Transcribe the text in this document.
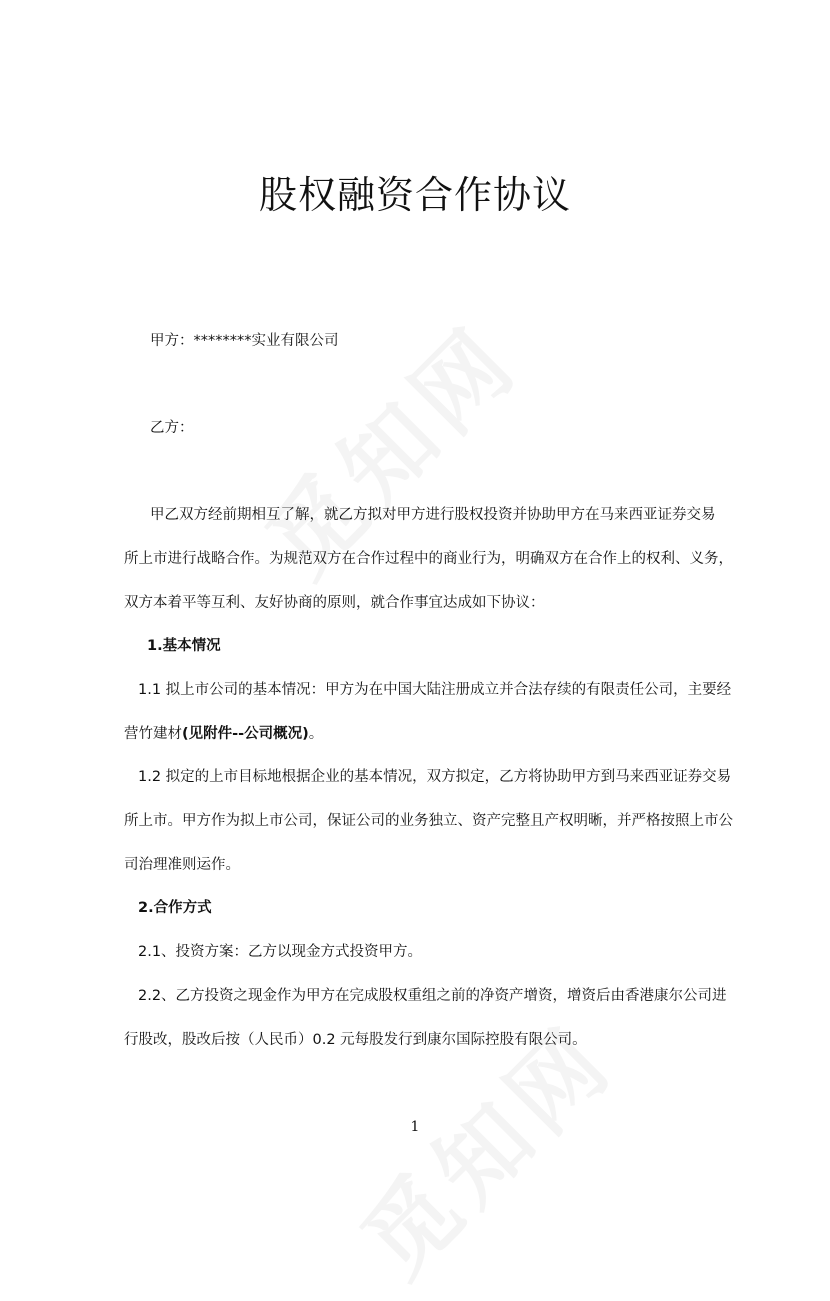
股权融资合作协议
甲方：********实业有限公司
乙方：
甲乙双方经前期相互了解，就乙方拟对甲方进行股权投资并协助甲方在马来西亚证券交易
所上市进行战略合作。为规范双方在合作过程中的商业行为，明确双方在合作上的权利、义务，
双方本着平等互利、友好协商的原则，就合作事宜达成如下协议：
1.基本情况
1.1 拟上市公司的基本情况：甲方为在中国大陆注册成立并合法存续的有限责任公司，主要经
营竹建材(见附件--公司概况)。
1.2 拟定的上市目标地根据企业的基本情况，双方拟定，乙方将协助甲方到马来西亚证券交易
所上市。甲方作为拟上市公司，保证公司的业务独立、资产完整且产权明晰，并严格按照上市公
司治理准则运作。
2.合作方式
2.1、投资方案：乙方以现金方式投资甲方。
2.2、乙方投资之现金作为甲方在完成股权重组之前的净资产增资，增资后由香港康尔公司进
行股改，股改后按（人民币）0.2 元每股发行到康尔国际控股有限公司。
1
